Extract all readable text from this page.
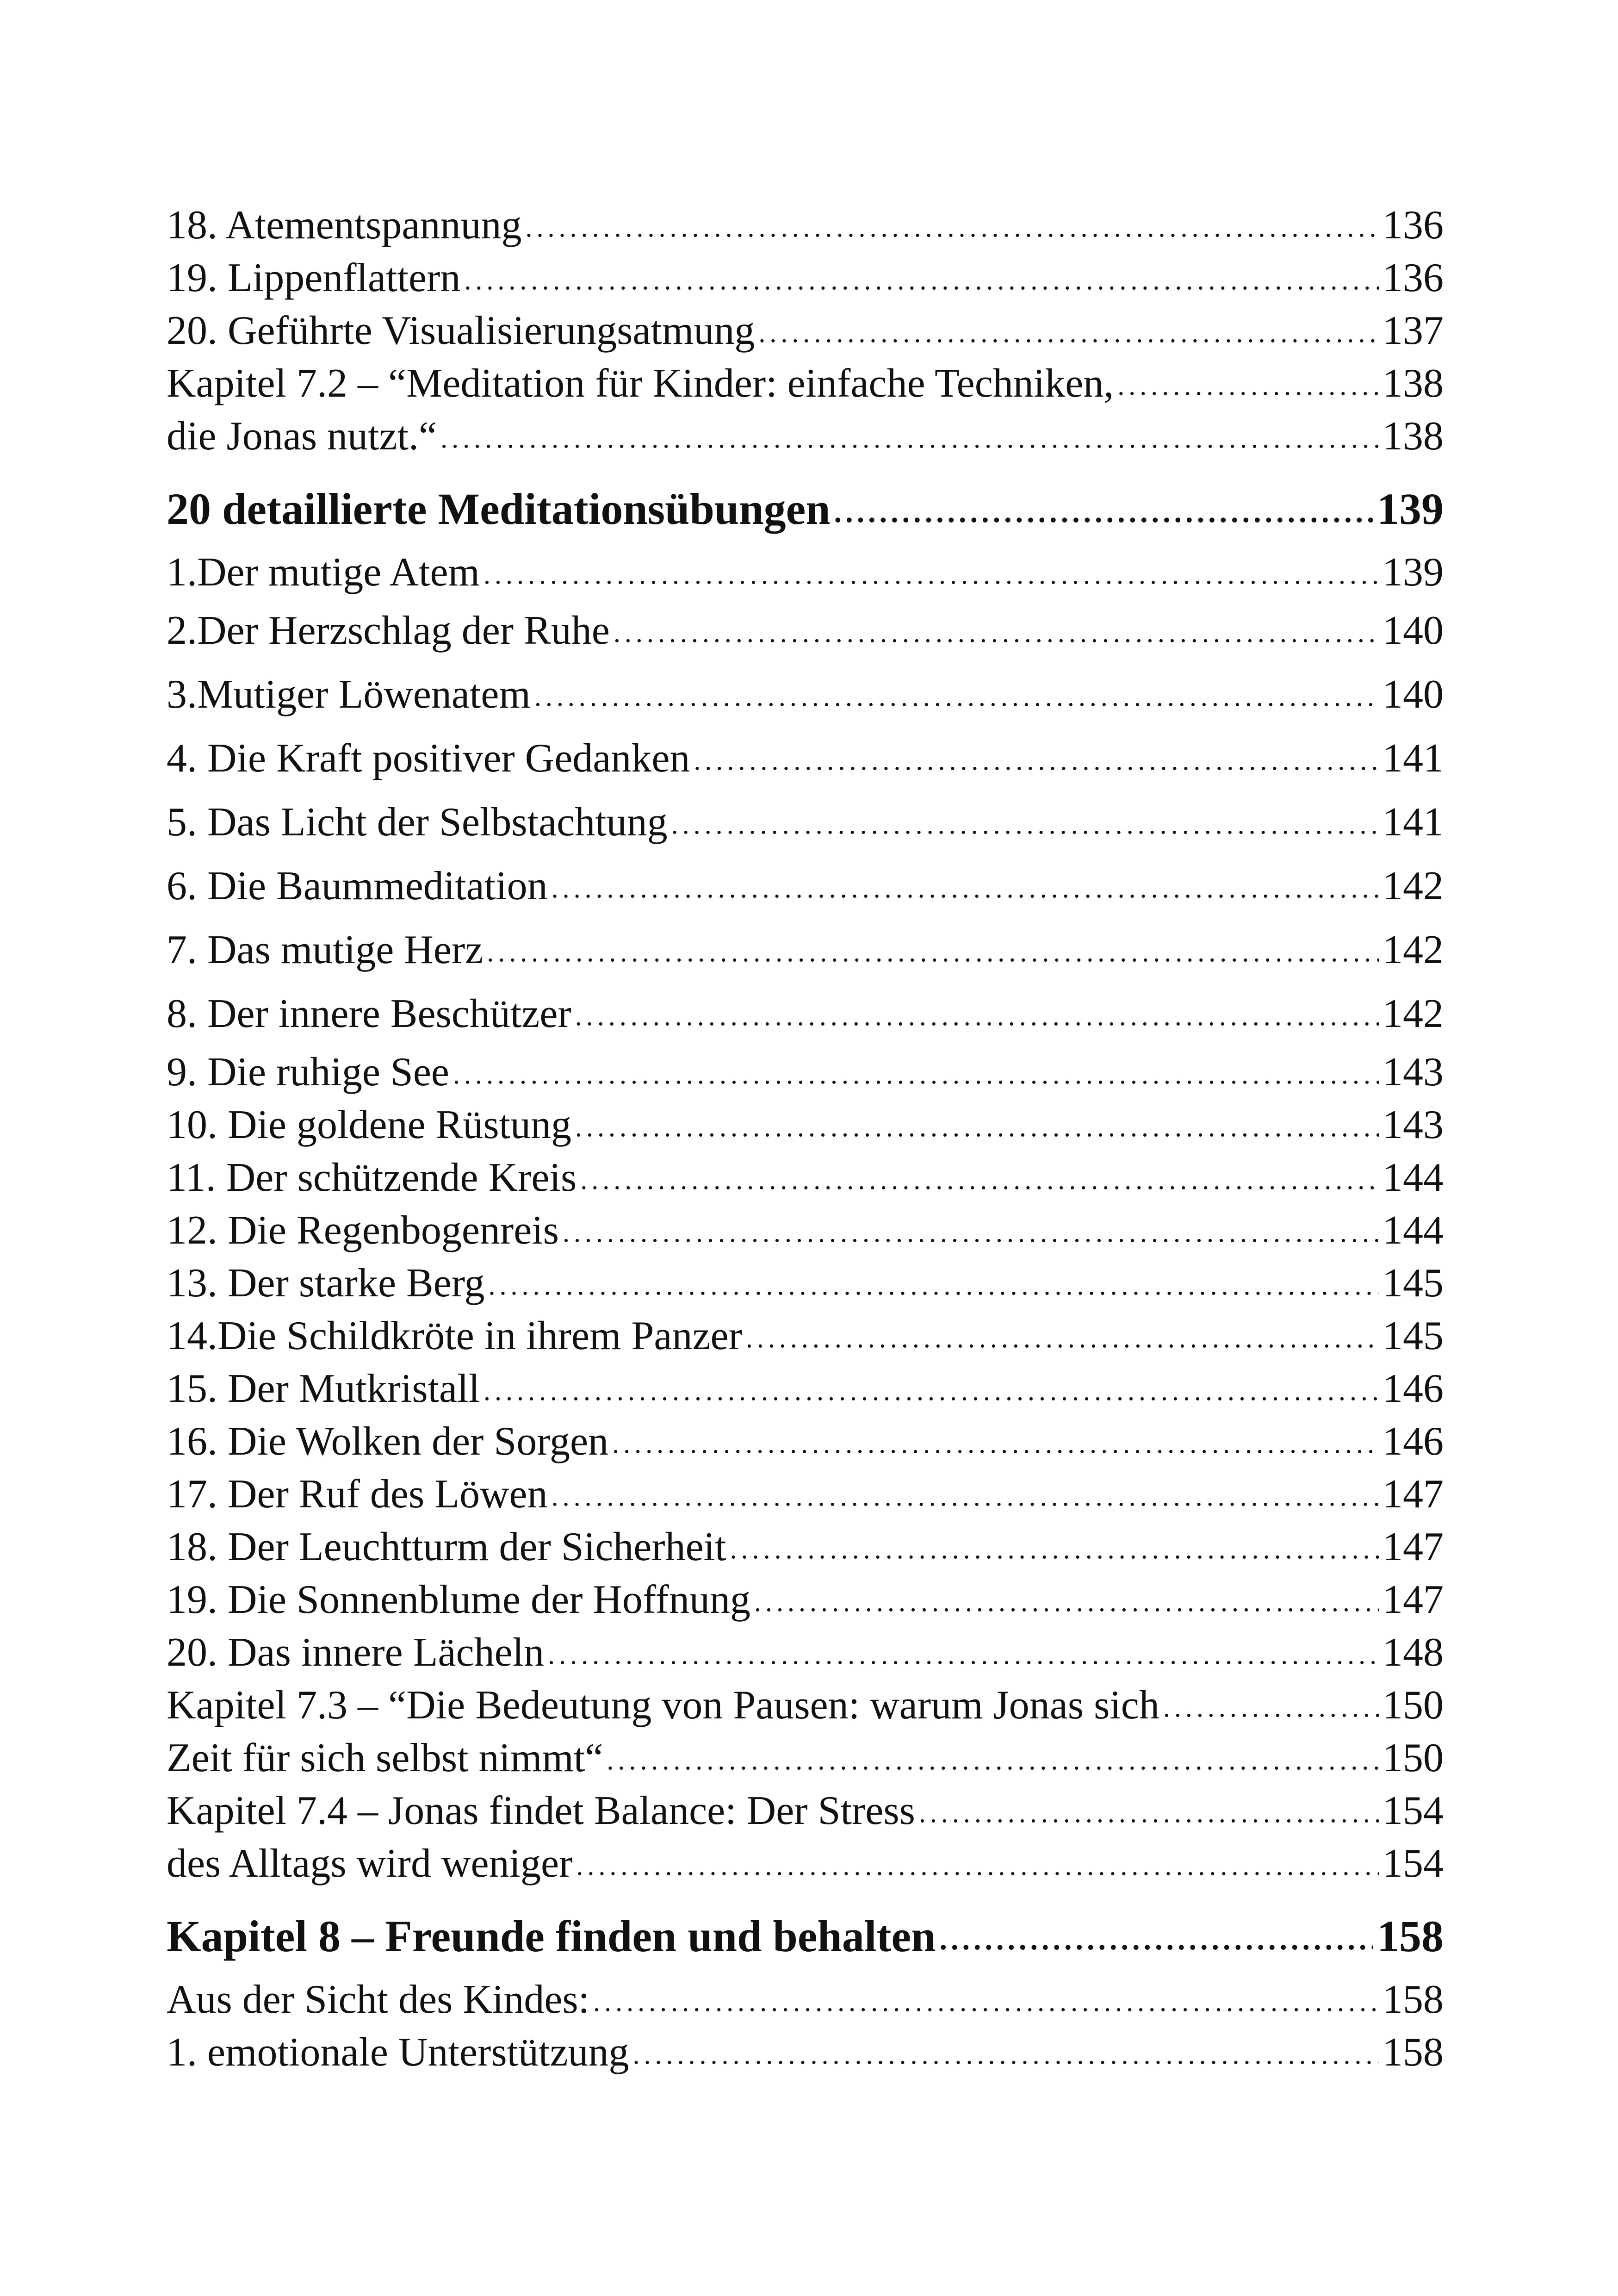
18. Atementspannung .....	136
19. Lippenflattern .....	136
20. Geführte Visualisierungsatmung .....	137
Kapitel 7.2 – “Meditation für Kinder: einfache Techniken, .....	138
die Jonas nutzt.“ .....	138
20 detaillierte Meditationsübungen .....	139
1.Der mutige Atem .....	139
2.Der Herzschlag der Ruhe .....	140
3.Mutiger Löwenatem .....	140
4. Die Kraft positiver Gedanken .....	141
5. Das Licht der Selbstachtung .....	141
6. Die Baummeditation .....	142
7. Das mutige Herz .....	142
8. Der innere Beschützer .....	142
9. Die ruhige See .....	143
10. Die goldene Rüstung .....	143
11. Der schützende Kreis .....	144
12. Die Regenbogenreis .....	144
13. Der starke Berg .....	145
14.Die Schildkröte in ihrem Panzer .....	145
15. Der Mutkristall .....	146
16. Die Wolken der Sorgen .....	146
17. Der Ruf des Löwen .....	147
18. Der Leuchtturm der Sicherheit .....	147
19. Die Sonnenblume der Hoffnung .....	147
20. Das innere Lächeln .....	148
Kapitel 7.3 – “Die Bedeutung von Pausen: warum Jonas sich .....	150
Zeit für sich selbst nimmt“ .....	150
Kapitel 7.4 – Jonas findet Balance: Der Stress .....	154
des Alltags wird weniger .....	154
Kapitel 8 – Freunde finden und behalten .....	158
Aus der Sicht des Kindes: .....	158
1. emotionale Unterstützung .....	158
